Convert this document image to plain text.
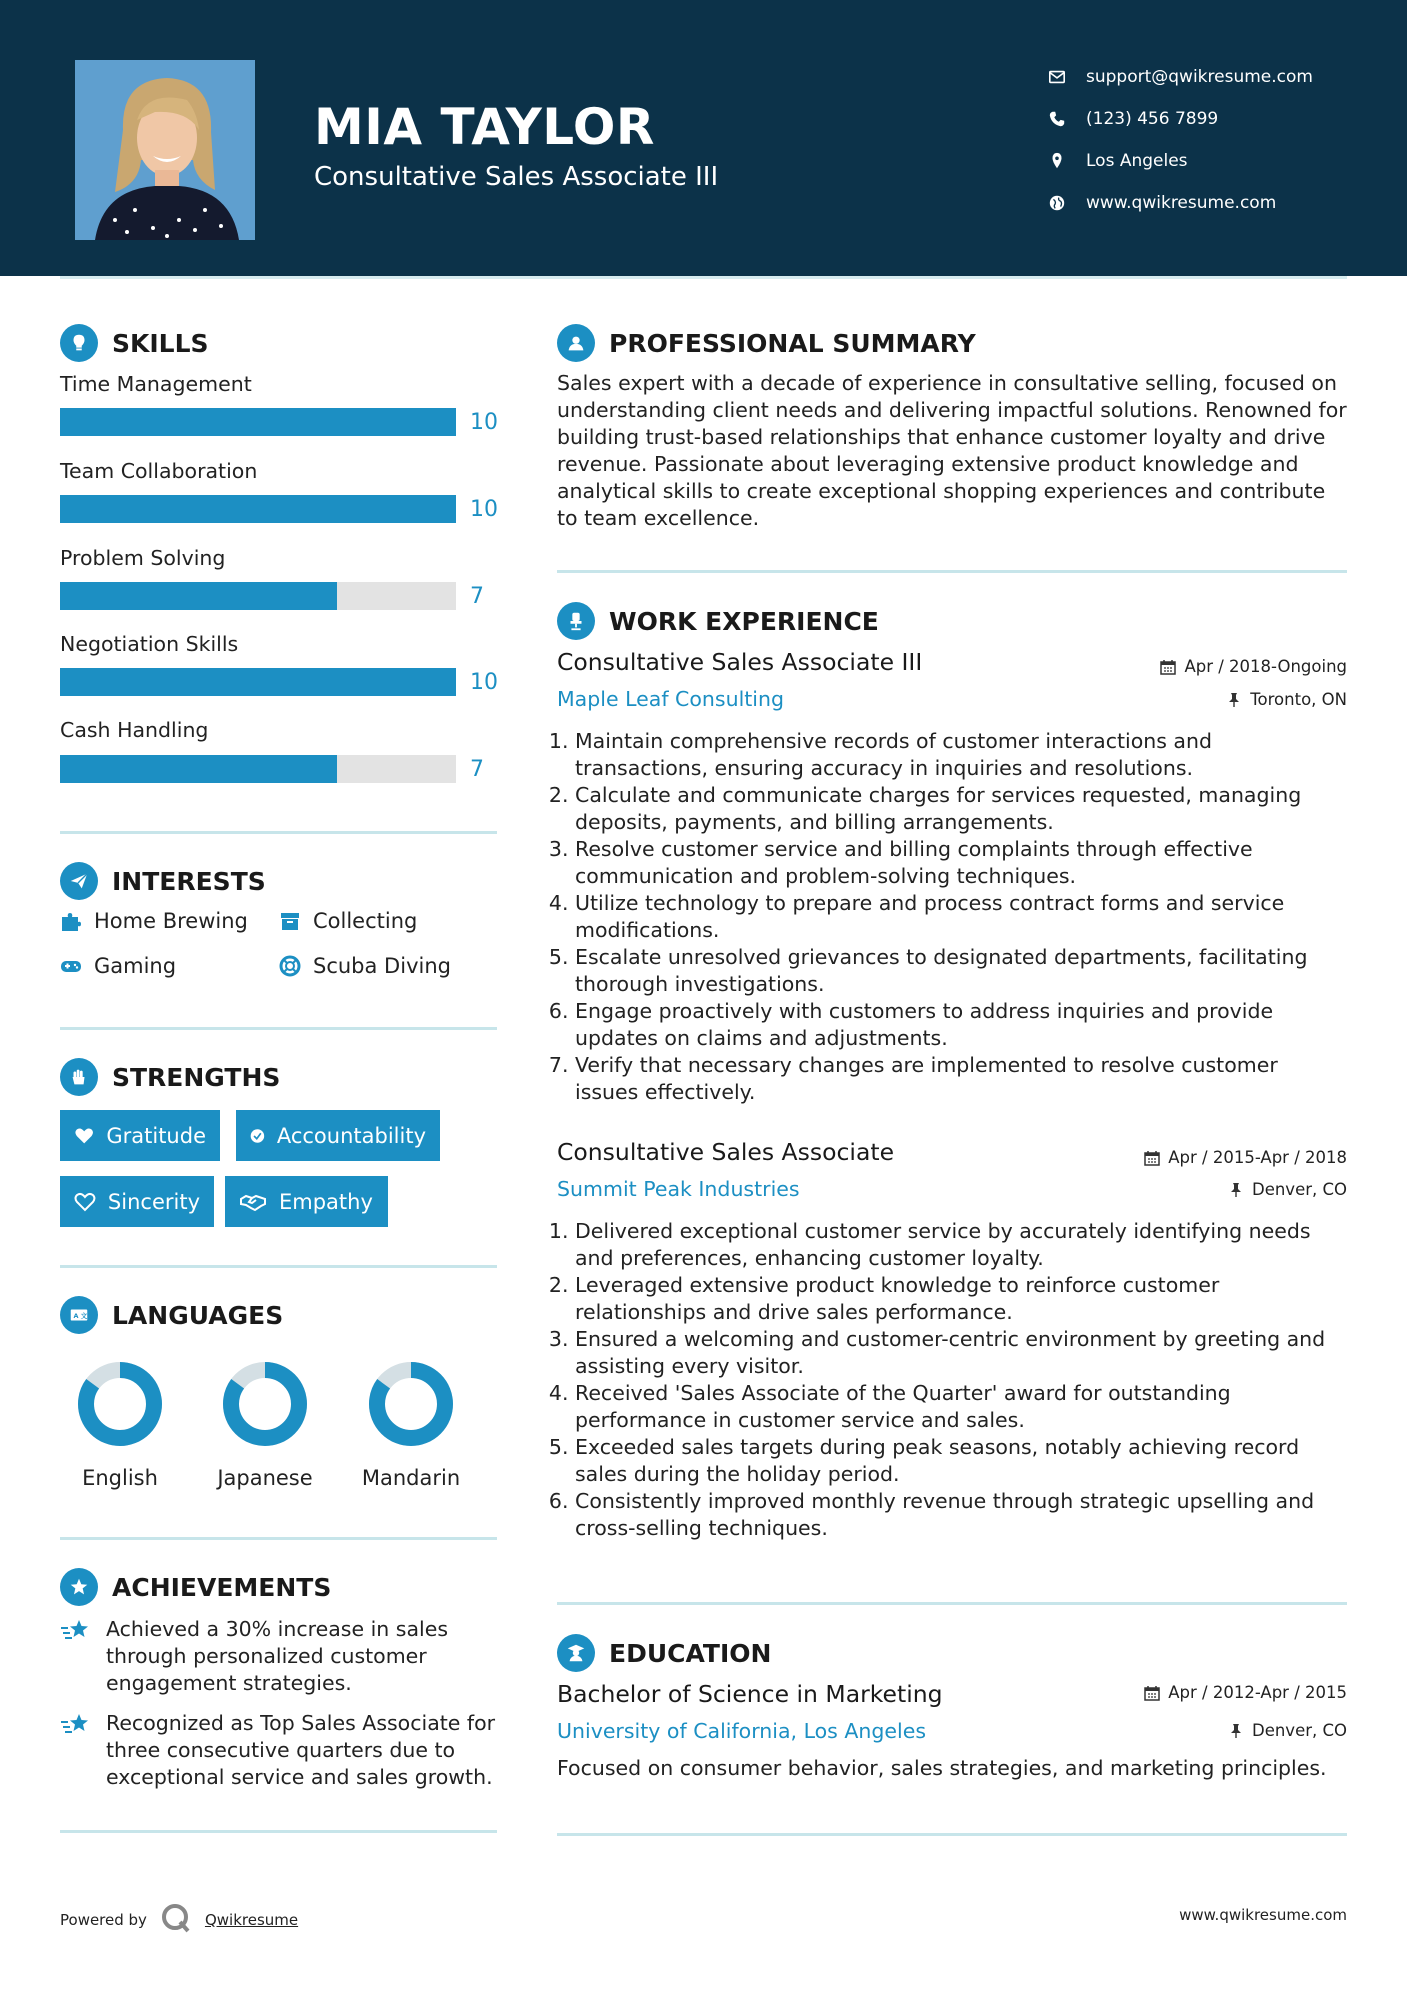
MIA TAYLOR
Consultative Sales Associate III
support@qwikresume.com
(123) 456 7899
Los Angeles
www.qwikresume.com
SKILLS
Time Management
10
Team Collaboration
10
Problem Solving
7
Negotiation Skills
10
Cash Handling
7
INTERESTS
Home Brewing	Collecting
Gaming	Scuba Diving
STRENGTHS
Gratitude	Accountability
Sincerity	Empathy
A 文 LANGUAGES
English	Japanese	Mandarin
ACHIEVEMENTS
Achieved a 30% increase in sales through personalized customer engagement strategies.
Recognized as Top Sales Associate for three consecutive quarters due to exceptional service and sales growth.
PROFESSIONAL SUMMARY
Sales expert with a decade of experience in consultative selling, focused on understanding client needs and delivering impactful solutions. Renowned for building trust-based relationships that enhance customer loyalty and drive revenue. Passionate about leveraging extensive product knowledge and analytical skills to create exceptional shopping experiences and contribute to team excellence.
WORK EXPERIENCE
Consultative Sales Associate III	Apr / 2018-Ongoing
Maple Leaf Consulting	Toronto, ON
1. Maintain comprehensive records of customer interactions and transactions, ensuring accuracy in inquiries and resolutions.
2. Calculate and communicate charges for services requested, managing deposits, payments, and billing arrangements.
3. Resolve customer service and billing complaints through effective communication and problem-solving techniques.
4. Utilize technology to prepare and process contract forms and service modifications.
5. Escalate unresolved grievances to designated departments, facilitating thorough investigations.
6. Engage proactively with customers to address inquiries and provide updates on claims and adjustments.
7. Verify that necessary changes are implemented to resolve customer issues effectively.
Consultative Sales Associate	Apr / 2015-Apr / 2018
Summit Peak Industries	Denver, CO
1. Delivered exceptional customer service by accurately identifying needs and preferences, enhancing customer loyalty.
2. Leveraged extensive product knowledge to reinforce customer relationships and drive sales performance.
3. Ensured a welcoming and customer-centric environment by greeting and assisting every visitor.
4. Received 'Sales Associate of the Quarter' award for outstanding performance in customer service and sales.
5. Exceeded sales targets during peak seasons, notably achieving record sales during the holiday period.
6. Consistently improved monthly revenue through strategic upselling and cross-selling techniques.
EDUCATION
Bachelor of Science in Marketing	Apr / 2012-Apr / 2015
University of California, Los Angeles	Denver, CO
Focused on consumer behavior, sales strategies, and marketing principles.
Powered by	Qwikresume	www.qwikresume.com
